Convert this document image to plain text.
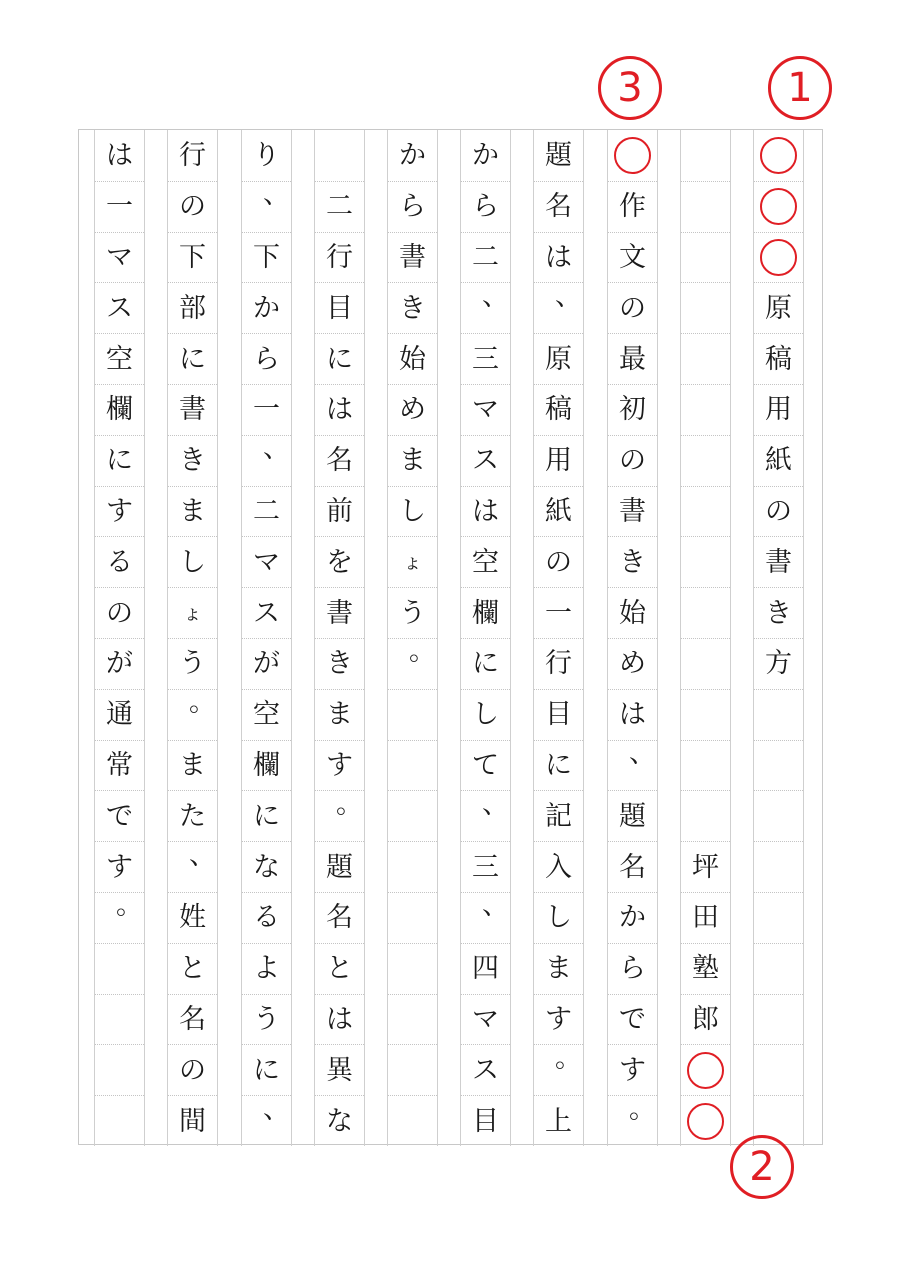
原
稿
用
紙
の
書
き
方
坪
田
塾
郎
作
文
の
最
初
の
書
き
始
め
は
、
題
名
か
ら
で
す
。
題
名
は
、
原
稿
用
紙
の
一
行
目
に
記
入
し
ま
す
。
上
か
ら
二
、
三
マ
ス
は
空
欄
に
し
て
、
三
、
四
マ
ス
目
か
ら
書
き
始
め
ま
し
ょ
う
。
二
行
目
に
は
名
前
を
書
き
ま
す
。
題
名
と
は
異
な
り
、
下
か
ら
一
、
二
マ
ス
が
空
欄
に
な
る
よ
う
に
、
行
の
下
部
に
書
き
ま
し
ょ
う
。
ま
た
、
姓
と
名
の
間
は
一
マ
ス
空
欄
に
す
る
の
が
通
常
で
す
。
1
3
2
